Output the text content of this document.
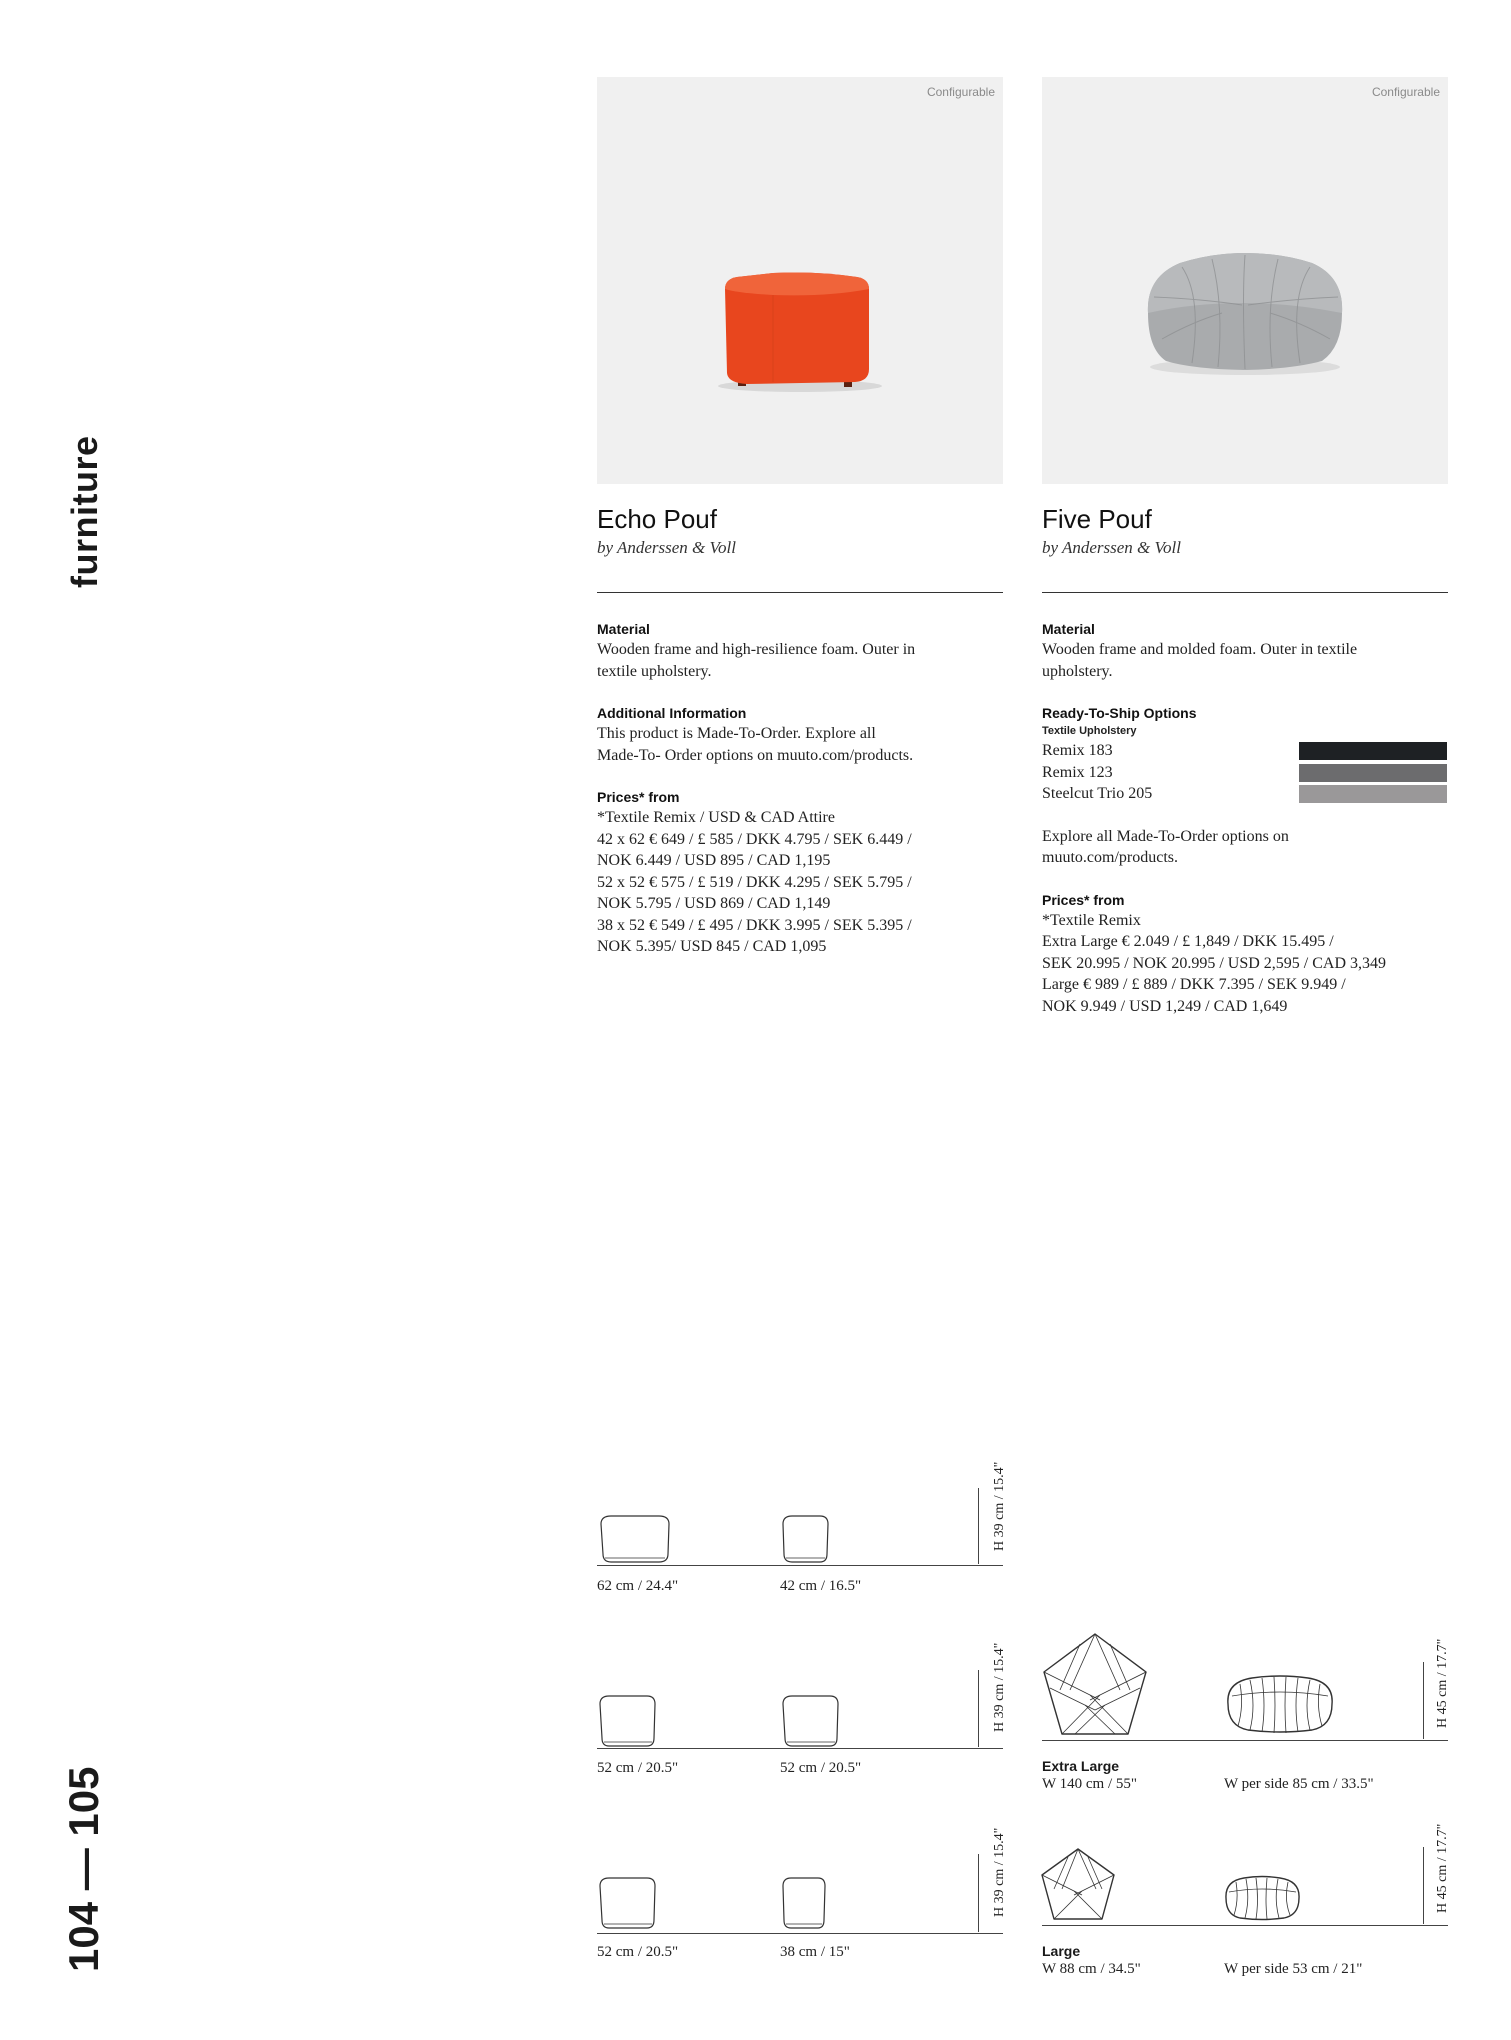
furniture
104 — 105
Configurable
Echo Pouf
by Anderssen & Voll
Material
Wooden frame and high-resilience foam. Outer in
textile upholstery.
Additional Information
This product is Made-To-Order. Explore all
Made-To- Order options on muuto.com/products.
Prices* from
*Textile Remix / USD & CAD Attire
42 x 62 € 649 / £ 585 / DKK 4.795 / SEK 6.449 /
NOK 6.449 / USD 895 / CAD 1,195
52 x 52 € 575 / £ 519 / DKK 4.295 / SEK 5.795 /
NOK 5.795 / USD 869 / CAD 1,149
38 x 52 € 549 / £ 495 / DKK 3.995 / SEK 5.395 /
NOK 5.395/ USD 845 / CAD 1,095
Configurable
Five Pouf
by Anderssen & Voll
Material
Wooden frame and molded foam. Outer in textile
upholstery.
Ready-To-Ship Options
Textile Upholstery
Remix 183
Remix 123
Steelcut Trio 205
Explore all Made-To-Order options on
muuto.com/products.
Prices* from
*Textile Remix
Extra Large € 2.049 / £ 1,849 / DKK 15.495 /
SEK 20.995 / NOK 20.995 / USD 2,595 / CAD 3,349
Large € 989 / £ 889 / DKK 7.395 / SEK 9.949 /
NOK 9.949 / USD 1,249 / CAD 1,649
H 39 cm / 15.4"
62 cm / 24.4"	42 cm / 16.5"
H 39 cm / 15.4"
52 cm / 20.5"	52 cm / 20.5"
H 39 cm / 15.4"
52 cm / 20.5"	38 cm / 15"
H 45 cm / 17.7"
Extra Large
W 140 cm / 55"	W per side 85 cm / 33.5"
H 45 cm / 17.7"
Large
W 88 cm / 34.5"	W per side 53 cm / 21"
